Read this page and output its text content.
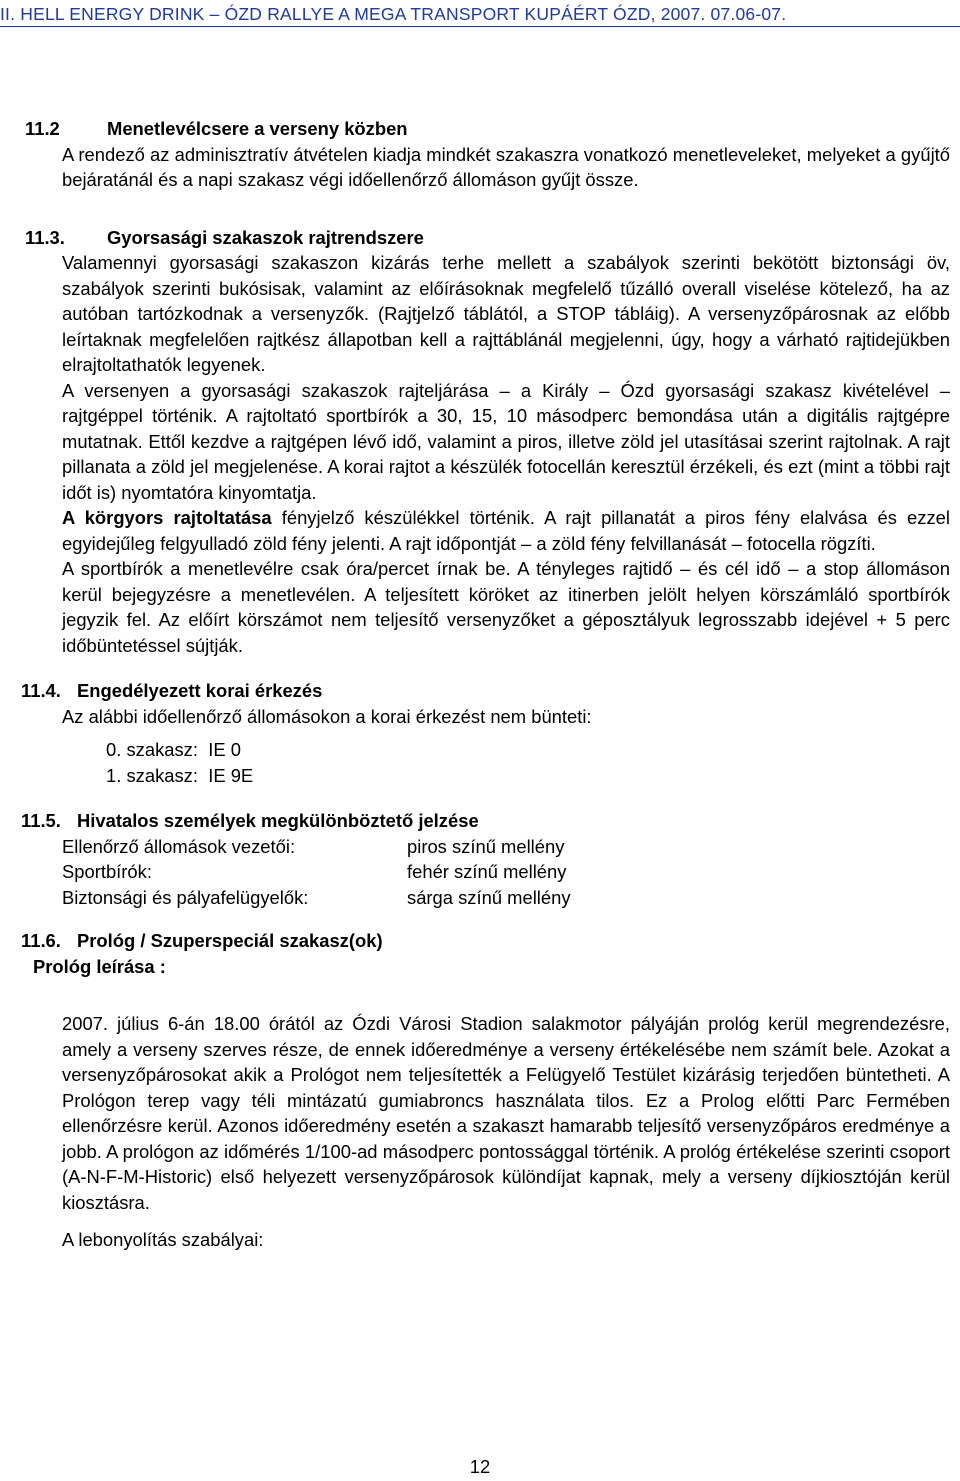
II. HELL ENERGY DRINK – ÓZD RALLYE A MEGA TRANSPORT KUPÁÉRT ÓZD, 2007. 07.06-07.
11.2	Menetlevélcsere a verseny közben

A rendező az adminisztratív átvételen kiadja mindkét szakaszra vonatkozó menetleveleket, melyeket a gyűjtő bejáratánál és a napi szakasz végi időellenőrző állomáson gyűjt össze.

11.3.	Gyorsasági szakaszok rajtrendszere

Valamennyi gyorsasági szakaszon kizárás terhe mellett a szabályok szerinti bekötött biztonsági öv, szabályok szerinti bukósisak, valamint az előírásoknak megfelelő tűzálló overall viselése kötelező, ha az autóban tartózkodnak a versenyzők. (Rajtjelző táblától, a STOP tábláig). A versenyzőpárosnak az előbb leírtaknak megfelelően rajtkész állapotban kell a rajttáblánál megjelenni, úgy, hogy a várható rajtidejükben elrajtoltathatók legyenek.

A versenyen a gyorsasági szakaszok rajteljárása – a Király – Ózd gyorsasági szakasz kivételével – rajtgéppel történik. A rajtoltató sportbírók a 30, 15, 10 másodperc bemondása után a digitális rajtgépre mutatnak. Ettől kezdve a rajtgépen lévő idő, valamint a piros, illetve zöld jel utasításai szerint rajtolnak. A rajt pillanata a zöld jel megjelenése. A korai rajtot a készülék fotocellán keresztül érzékeli, és ezt (mint a többi rajt időt is) nyomtatóra kinyomtatja.

A körgyors rajtoltatása fényjelző készülékkel történik. A rajt pillanatát a piros fény elalvása és ezzel egyidejűleg felgyulladó zöld fény jelenti. A rajt időpontját – a zöld fény felvillanását – fotocella rögzíti.

A sportbírók a menetlevélre csak óra/percet írnak be. A tényleges rajtidő – és cél idő – a stop állomáson kerül bejegyzésre a menetlevélen. A teljesített köröket az itinerben jelölt helyen körszámláló sportbírók jegyzik fel. Az előírt körszámot nem teljesítő versenyzőket a géposztályuk legrosszabb idejével + 5 perc időbüntetéssel sújtják.

11.4. Engedélyezett korai érkezés
Az alábbi időellenőrző állomásokon a korai érkezést nem bünteti:
0. szakasz:  IE 0
1. szakasz:  IE 9E
11.5. Hivatalos személyek megkülönböztető jelzése
Ellenőrző állomások vezetői:	piros színű mellény
Sportbírók:	fehér színű mellény
Biztonsági és pályafelügyelők:	sárga színű mellény
11.6. Prológ / Szuperspeciál szakasz(ok)
Prológ leírása :

2007. július 6-án 18.00 órától az Ózdi Városi Stadion salakmotor pályáján prológ kerül megrendezésre, amely a verseny szerves része, de ennek időeredménye a verseny értékelésébe nem számít bele. Azokat a versenyzőpárosokat akik a Prológot nem teljesítették a Felügyelő Testület kizárásig terjedően büntetheti. A Prológon terep vagy téli mintázatú gumiabroncs használata tilos. Ez a Prolog előtti Parc Fermében ellenőrzésre kerül. Azonos időeredmény esetén a szakaszt hamarabb teljesítő versenyzőpáros eredménye a jobb. A prológon az időmérés 1/100-ad másodperc pontossággal történik. A prológ értékelése szerinti csoport (A-N-F-M-Historic) első helyezett versenyzőpárosok különdíjat kapnak, mely a verseny díjkiosztóján kerül kiosztásra.

A lebonyolítás szabályai:
12
